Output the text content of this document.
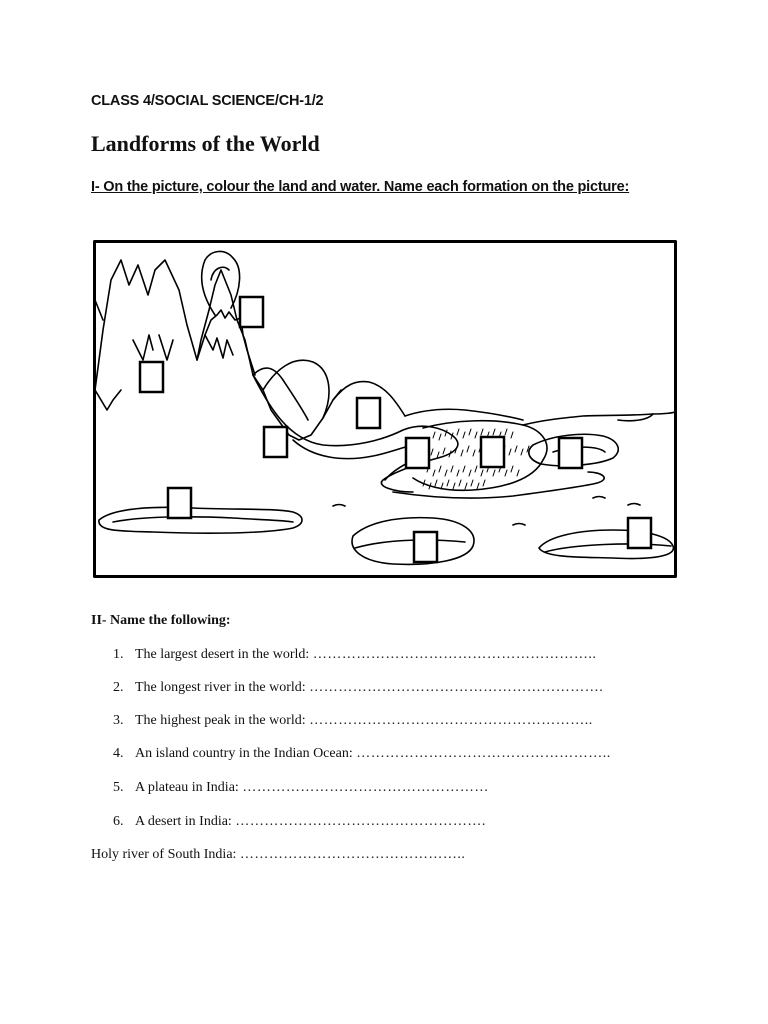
CLASS 4/SOCIAL SCIENCE/CH-1/2
Landforms of the World
I- On the picture, colour the land and water. Name each formation on the picture:
II- Name the following:
1. The largest desert in the world: …………………………………………………..
2. The longest river in the world: …………………………………………………….
3. The highest peak in the world: …………………………………………………..
4. An island country in the Indian Ocean: ……………………………………………..
5. A plateau in India: ……………………………………………
6. A desert in India: …………………………………………….
Holy river of South India: ………………………………………..
